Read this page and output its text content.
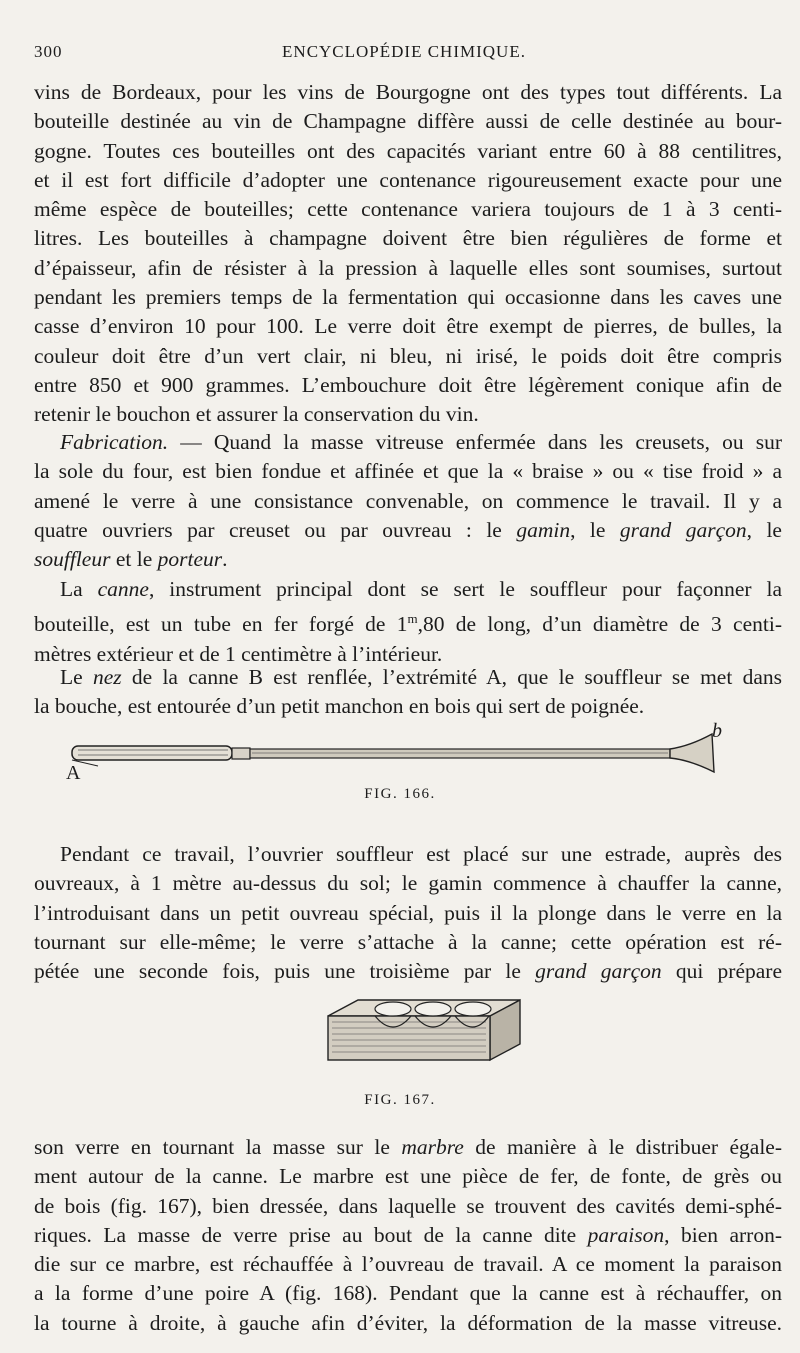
300	ENCYCLOPÉDIE CHIMIQUE.
vins de Bordeaux, pour les vins de Bourgogne ont des types tout différents. La
bouteille destinée au vin de Champagne diffère aussi de celle destinée au bour-
gogne. Toutes ces bouteilles ont des capacités variant entre 60 à 88 centilitres,
et il est fort difficile d’adopter une contenance rigoureusement exacte pour une
même espèce de bouteilles; cette contenance variera toujours de 1 à 3 centi-
litres. Les bouteilles à champagne doivent être bien régulières de forme et
d’épaisseur, afin de résister à la pression à laquelle elles sont soumises, surtout
pendant les premiers temps de la fermentation qui occasionne dans les caves une
casse d’environ 10 pour 100. Le verre doit être exempt de pierres, de bulles, la
couleur doit être d’un vert clair, ni bleu, ni irisé, le poids doit être compris
entre 850 et 900 grammes. L’embouchure doit être légèrement conique afin de
retenir le bouchon et assurer la conservation du vin.
Fabrication. — Quand la masse vitreuse enfermée dans les creusets, ou sur
la sole du four, est bien fondue et affinée et que la « braise » ou « tise froid » a
amené le verre à une consistance convenable, on commence le travail. Il y a
quatre ouvriers par creuset ou par ouvreau : le gamin, le grand garçon, le
souffleur et le porteur.
La canne, instrument principal dont se sert le souffleur pour façonner la
bouteille, est un tube en fer forgé de 1$^m$,80 de long, d’un diamètre de 3 centi-
mètres extérieur et de 1 centimètre à l’intérieur.
Le nez de la canne B est renflée, l’extrémité A, que le souffleur se met dans
la bouche, est entourée d’un petit manchon en bois qui sert de poignée.
A
b
FIG. 166.
Pendant ce travail, l’ouvrier souffleur est placé sur une estrade, auprès des
ouvreaux, à 1 mètre au-dessus du sol; le gamin commence à chauffer la canne,
l’introduisant dans un petit ouvreau spécial, puis il la plonge dans le verre en la
tournant sur elle-même; le verre s’attache à la canne; cette opération est ré-
pétée une seconde fois, puis une troisième par le grand garçon qui prépare
FIG. 167.
son verre en tournant la masse sur le marbre de manière à le distribuer égale-
ment autour de la canne. Le marbre est une pièce de fer, de fonte, de grès ou
de bois (fig. 167), bien dressée, dans laquelle se trouvent des cavités demi-sphé-
riques. La masse de verre prise au bout de la canne dite paraison, bien arron-
die sur ce marbre, est réchauffée à l’ouvreau de travail. A ce moment la paraison
a la forme d’une poire A (fig. 168). Pendant que la canne est à réchauffer, on
la tourne à droite, à gauche afin d’éviter, la déformation de la masse vitreuse.
